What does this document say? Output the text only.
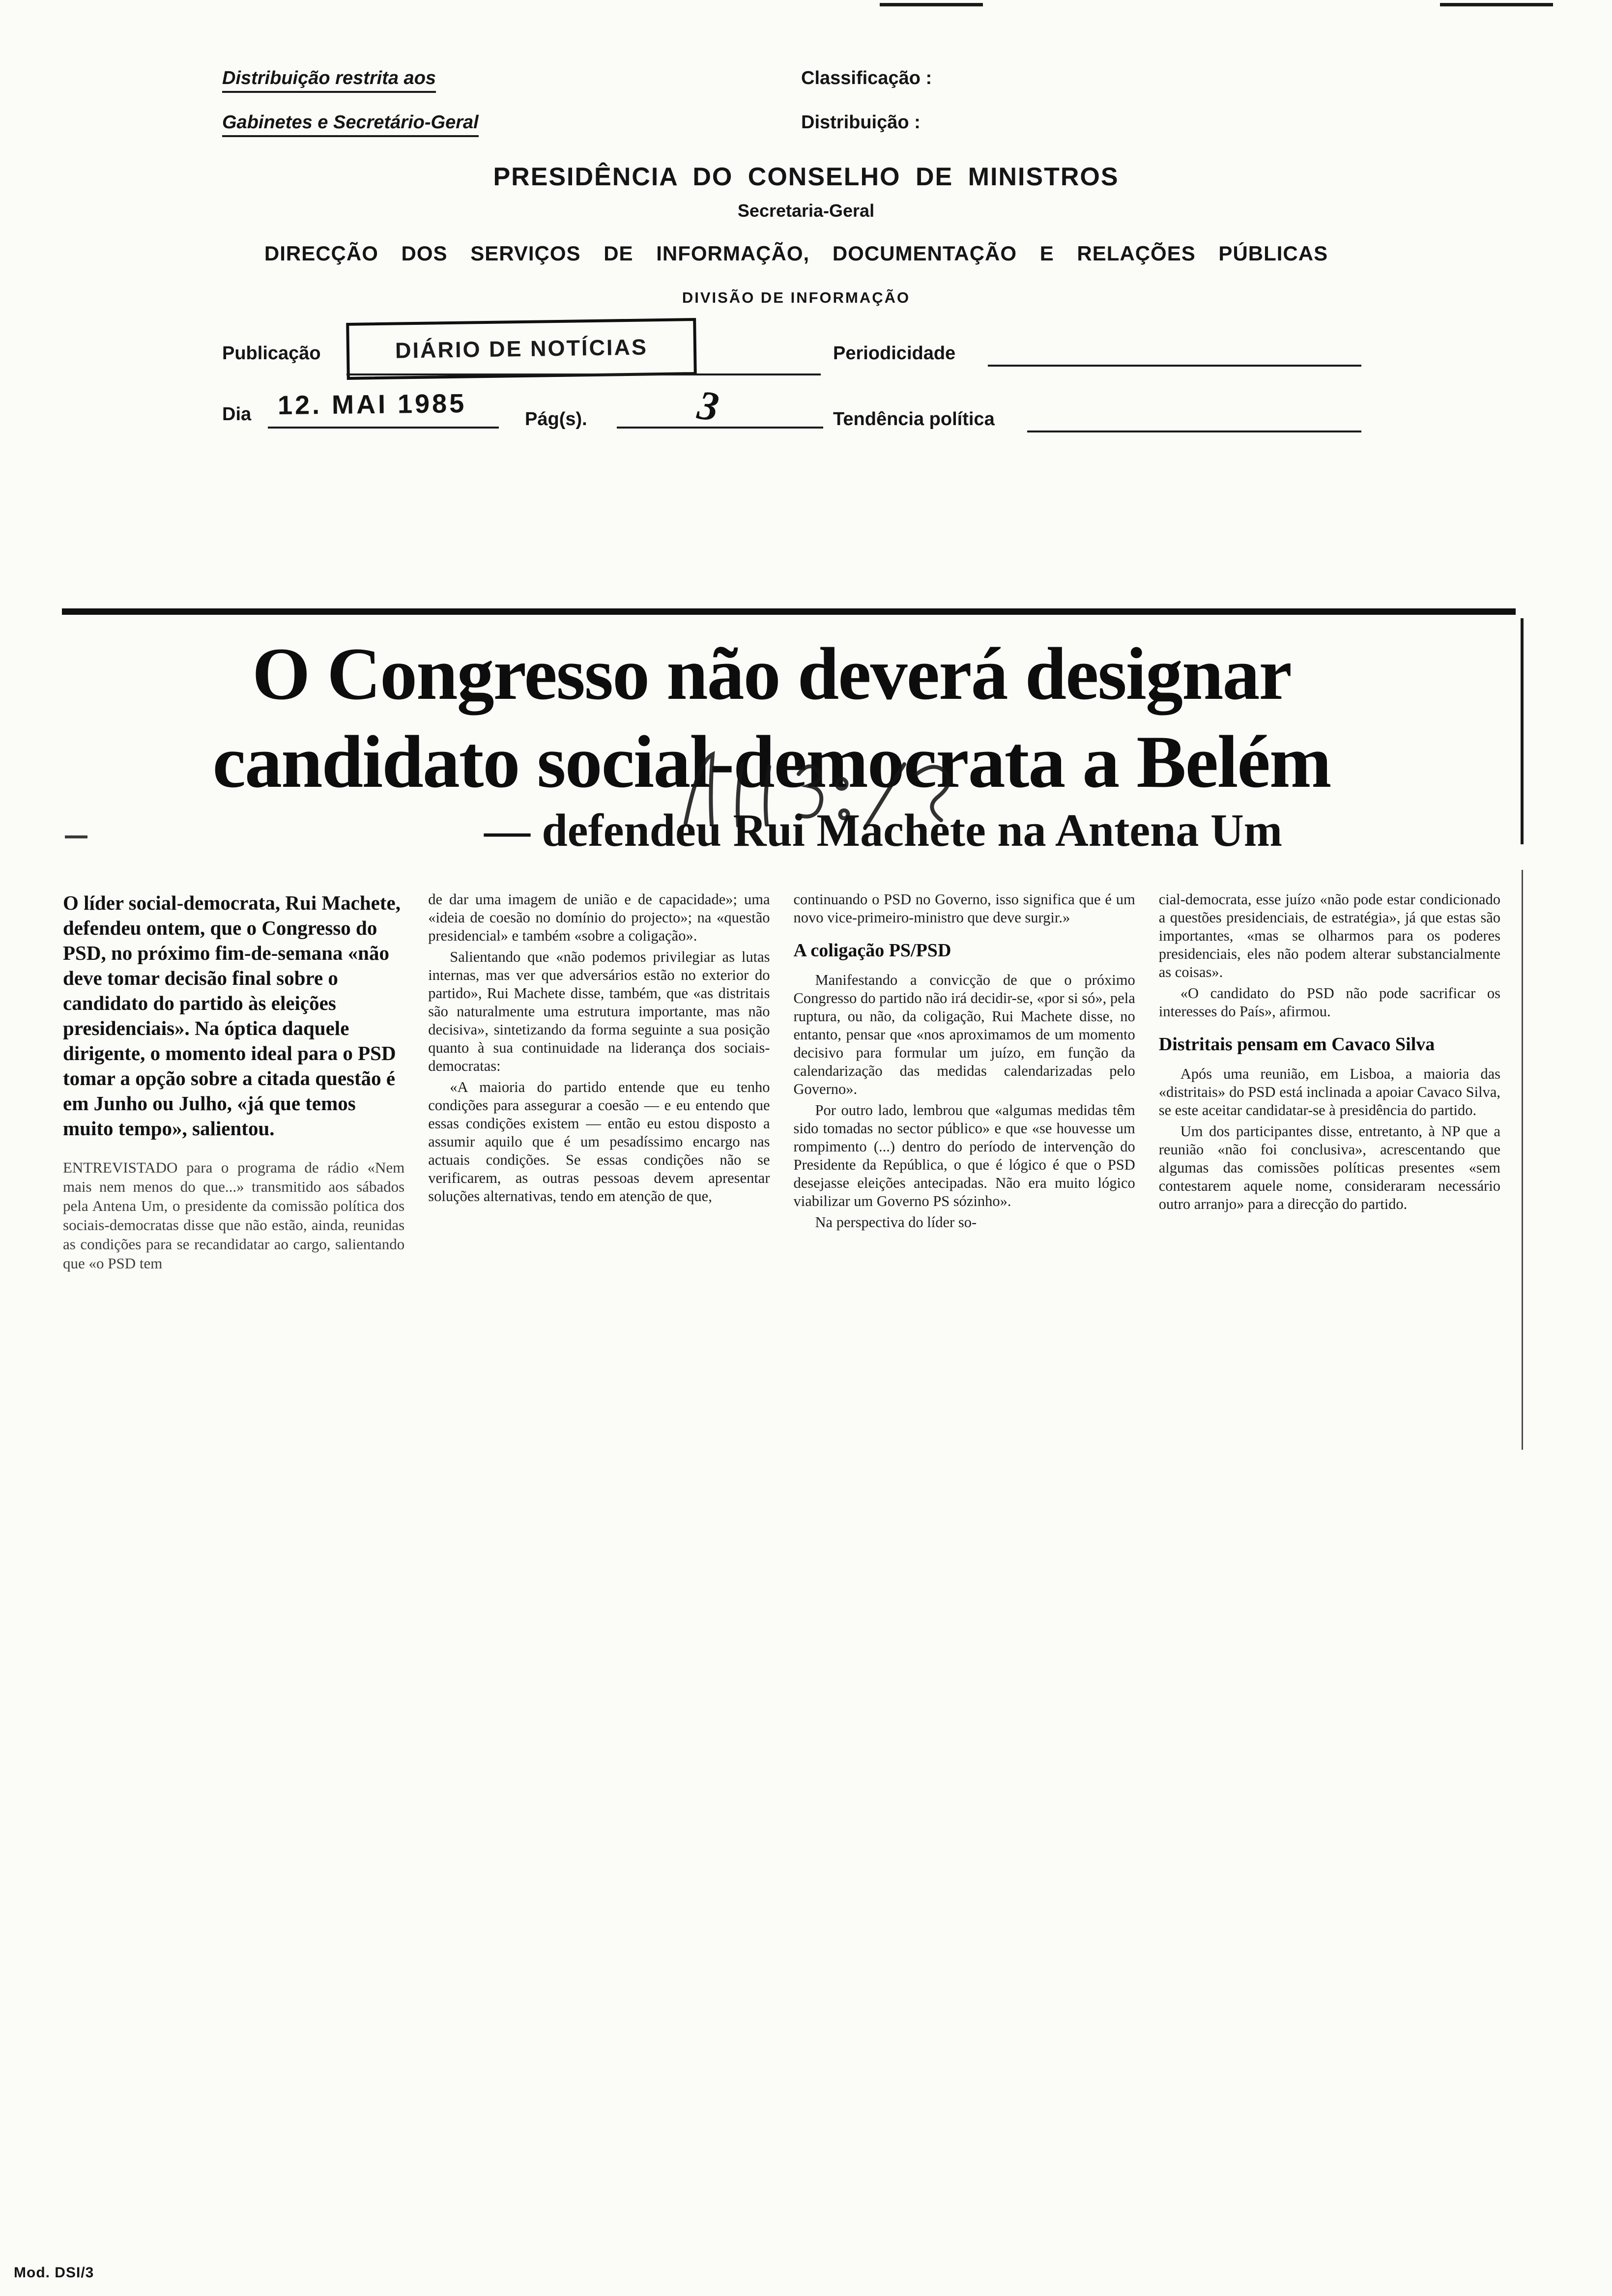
Distribuição restrita aos
Gabinetes e Secretário-Geral
Classificação :
Distribuição :
PRESIDÊNCIA DO CONSELHO DE MINISTROS
Secretaria-Geral
DIRECÇÃO DOS SERVIÇOS DE INFORMAÇÃO, DOCUMENTAÇÃO E RELAÇÕES PÚBLICAS
DIVISÃO DE INFORMAÇÃO
Publicação	DIÁRIO DE NOTÍCIAS	Periodicidade
Dia 12. MAI 1985	Pág(s).	3	Tendência política
O Congresso não deverá designar
candidato social-democrata a Belém
— defendeu Rui Machete na Antena Um

O líder social-democrata, Rui Machete, defendeu ontem, que o Congresso do PSD, no próximo fim-de-semana «não deve tomar decisão final sobre o candidato do partido às eleições presidenciais». Na óptica daquele dirigente, o momento ideal para o PSD tomar a opção sobre a citada questão é em Junho ou Julho, «já que temos muito tempo», salientou.

ENTREVISTADO para o programa de rádio «Nem mais nem menos do que...» transmitido aos sábados pela Antena Um, o presidente da comissão política dos sociais-democratas disse que não estão, ainda, reunidas as condições para se recandidatar ao cargo, salientando que «o PSD tem

de dar uma imagem de união e de capacidade»; uma «ideia de coesão no domínio do projecto»; na «questão presidencial» e também «sobre a coligação».

Salientando que «não podemos privilegiar as lutas internas, mas ver que adversários estão no exterior do partido», Rui Machete disse, também, que «as distritais são naturalmente uma estrutura importante, mas não decisiva», sintetizando da forma seguinte a sua posição quanto à sua continuidade na liderança dos sociais-democratas:

«A maioria do partido entende que eu tenho condições para assegurar a coesão — e eu entendo que essas condições existem — então eu estou disposto a assumir aquilo que é um pesadíssimo encargo nas actuais condições. Se essas condições não se verificarem, as outras pessoas devem apresentar soluções alternativas, tendo em atenção de que,

continuando o PSD no Governo, isso significa que é um novo vice-primeiro-ministro que deve surgir.»

A coligação PS/PSD

Manifestando a convicção de que o próximo Congresso do partido não irá decidir-se, «por si só», pela ruptura, ou não, da coligação, Rui Machete disse, no entanto, pensar que «nos aproximamos de um momento decisivo para formular um juízo, em função da calendarização das medidas calendarizadas pelo Governo».

Por outro lado, lembrou que «algumas medidas têm sido tomadas no sector público» e que «se houvesse um rompimento (...) dentro do período de intervenção do Presidente da República, o que é lógico é que o PSD desejasse eleições antecipadas. Não era muito lógico viabilizar um Governo PS sózinho».

Na perspectiva do líder so-

cial-democrata, esse juízo «não pode estar condicionado a questões presidenciais, de estratégia», já que estas são importantes, «mas se olharmos para os poderes presidenciais, eles não podem alterar substancialmente as coisas».

«O candidato do PSD não pode sacrificar os interesses do País», afirmou.

Distritais pensam em Cavaco Silva

Após uma reunião, em Lisboa, a maioria das «distritais» do PSD está inclinada a apoiar Cavaco Silva, se este aceitar candidatar-se à presidência do partido.

Um dos participantes disse, entretanto, à NP que a reunião «não foi conclusiva», acrescentando que algumas das comissões políticas presentes «sem contestarem aquele nome, consideraram necessário outro arranjo» para a direcção do partido.

Mod. DSI/3
